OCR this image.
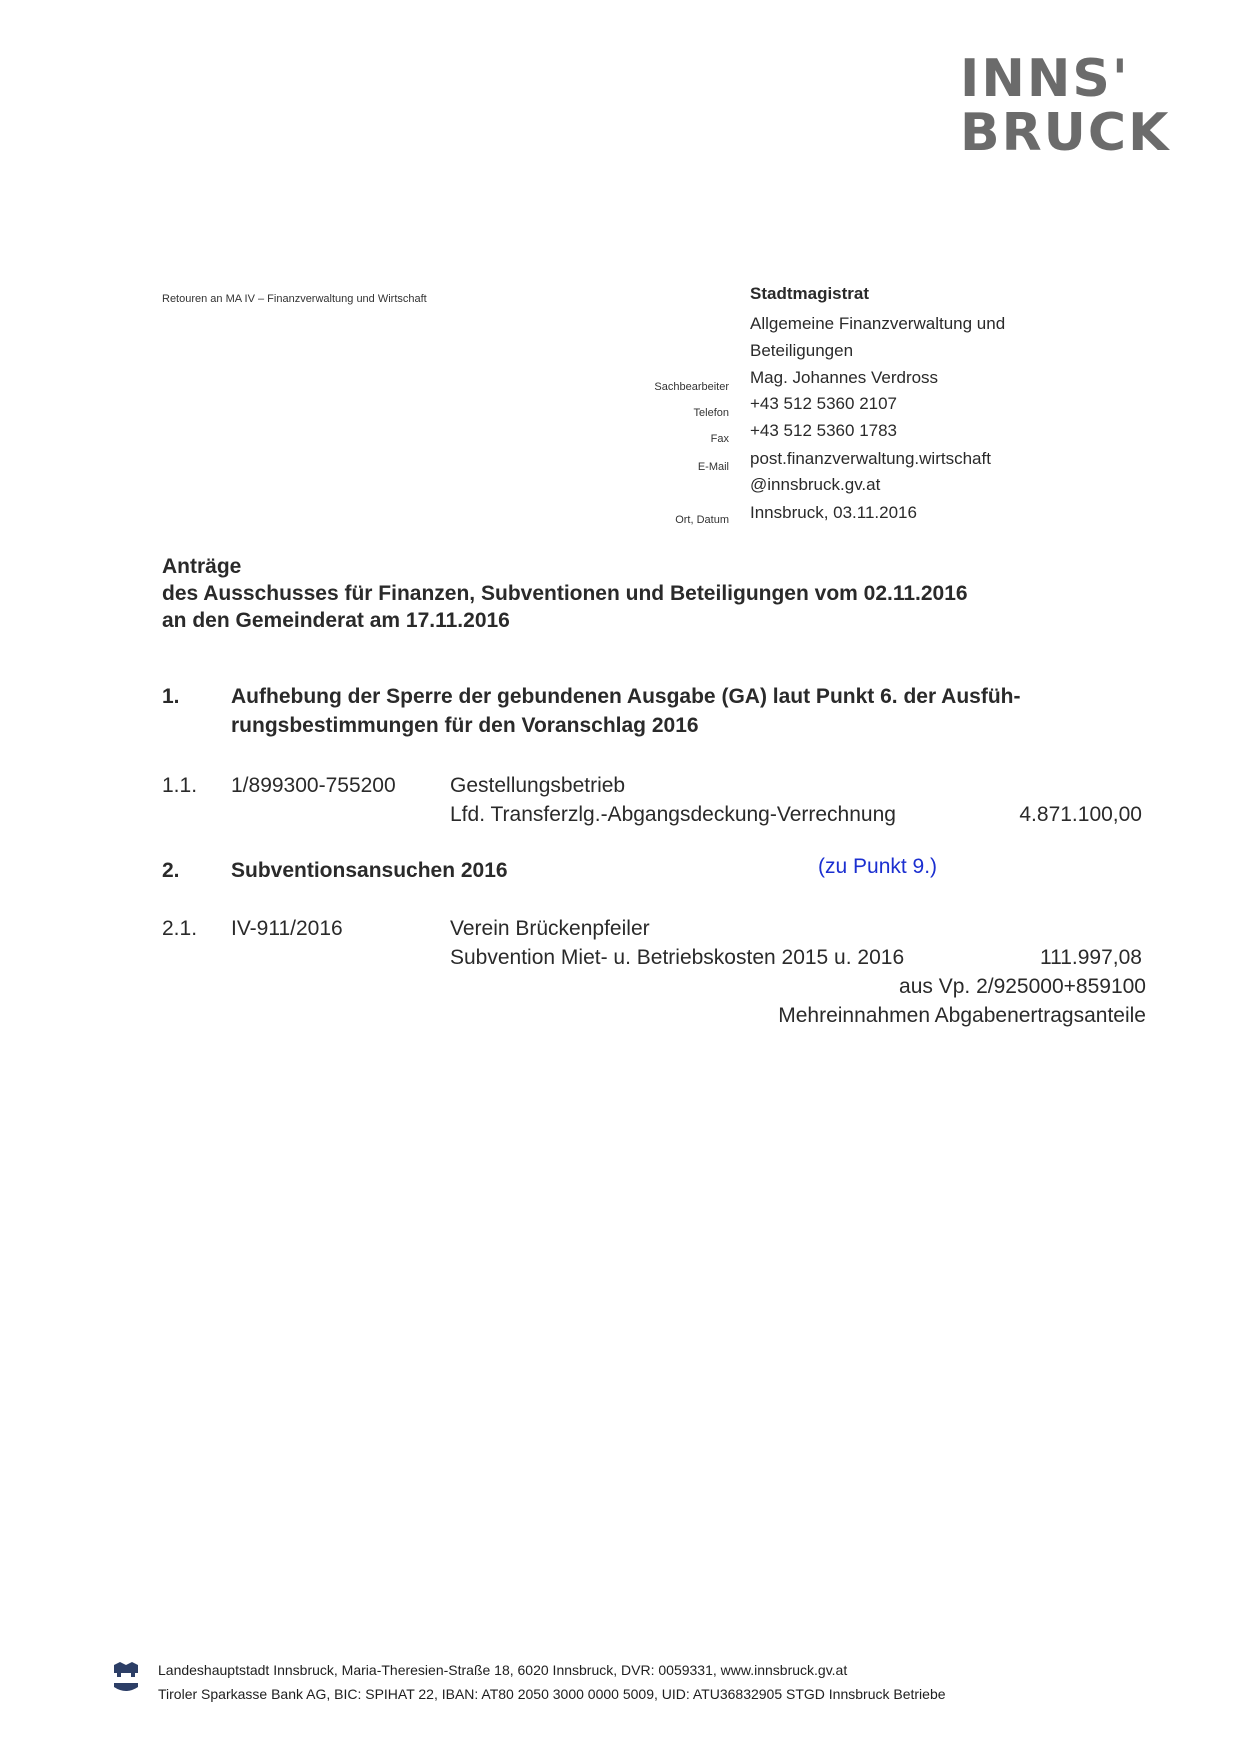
INNS'
BRUCK
Retouren an MA IV – Finanzverwaltung und Wirtschaft	Stadtmagistrat
Allgemeine Finanzverwaltung und
Beteiligungen
Sachbearbeiter Mag. Johannes Verdross
Telefon +43 512 5360 2107
Fax +43 512 5360 1783
E-Mail post.finanzverwaltung.wirtschaft
@innsbruck.gv.at
Ort, Datum Innsbruck, 03.11.2016
Anträge
des Ausschusses für Finanzen, Subventionen und Beteiligungen vom 02.11.2016
an den Gemeinderat am 17.11.2016
1. Aufhebung der Sperre der gebundenen Ausgabe (GA) laut Punkt 6. der Ausfüh-
rungsbestimmungen für den Voranschlag 2016
1.1. 1/899300-755200	Gestellungsbetrieb
Lfd. Transferzlg.-Abgangsdeckung-Verrechnung	4.871.100,00
2. Subventionsansuchen 2016	(zu Punkt 9.)
2.1. IV-911/2016	Verein Brückenpfeiler
Subvention Miet- u. Betriebskosten 2015 u. 2016	111.997,08
aus Vp. 2/925000+859100
Mehreinnahmen Abgabenertragsanteile
Landeshauptstadt Innsbruck, Maria-Theresien-Straße 18, 6020 Innsbruck, DVR: 0059331, www.innsbruck.gv.at
Tiroler Sparkasse Bank AG, BIC: SPIHAT 22, IBAN: AT80 2050 3000 0000 5009, UID: ATU36832905 STGD Innsbruck Betriebe
